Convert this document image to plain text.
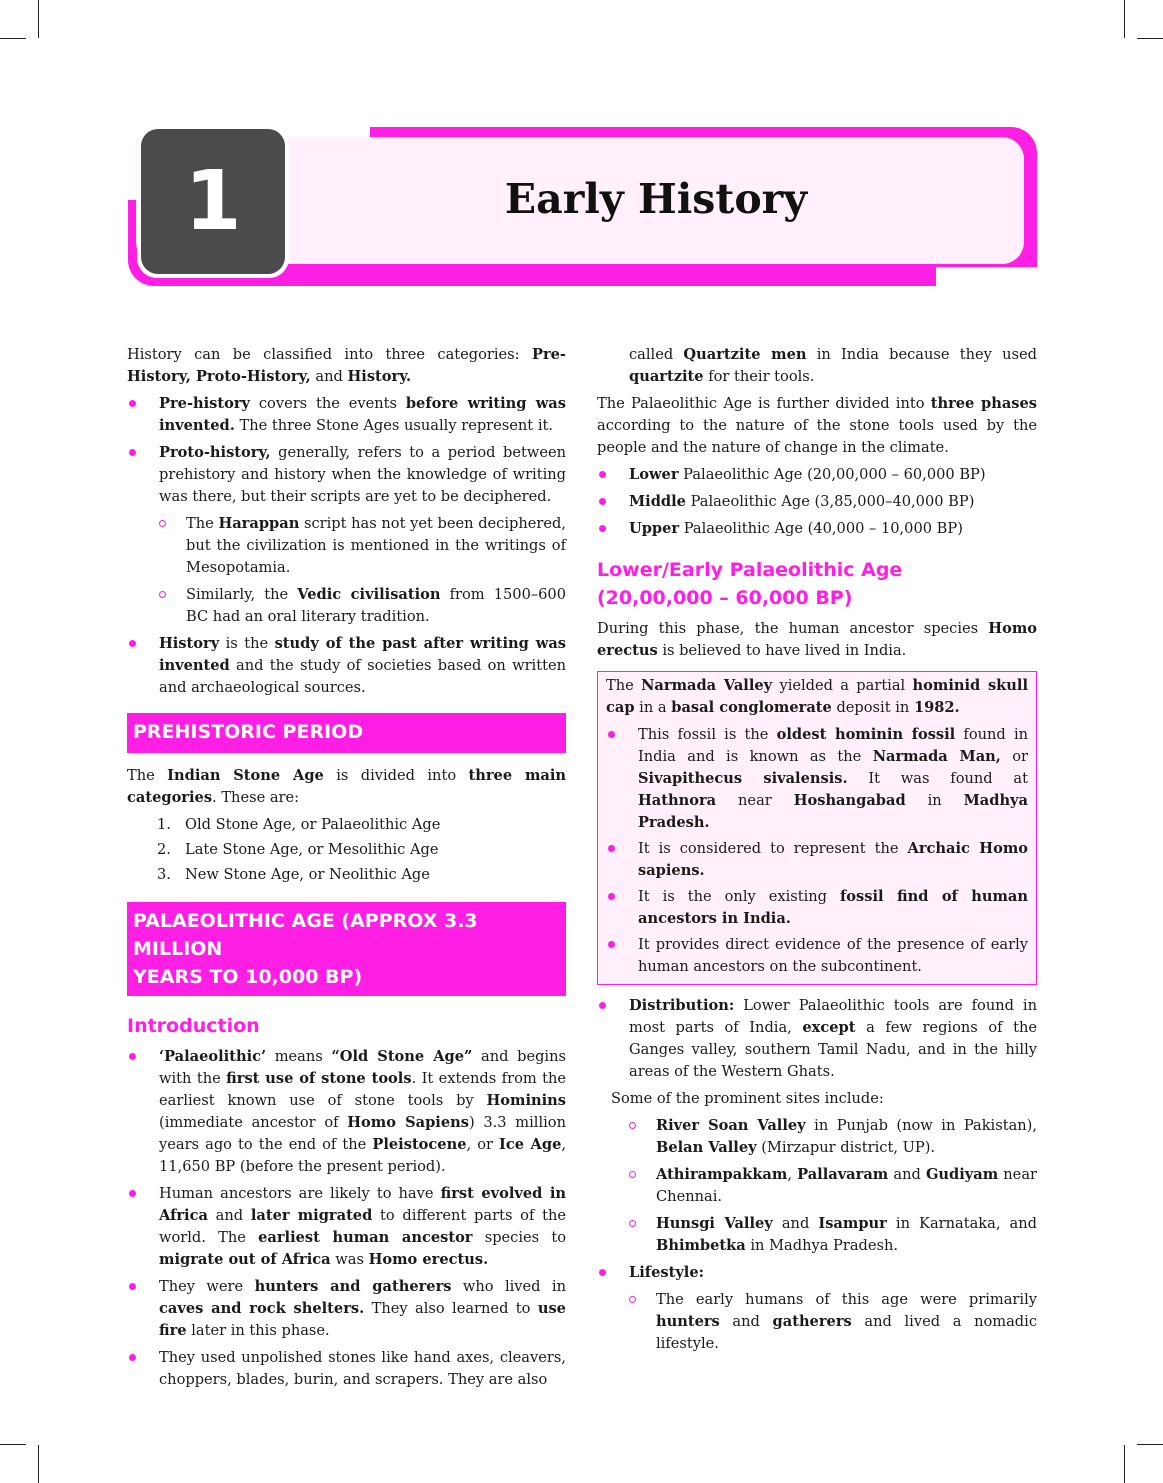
1	Early History

History can be classified into three categories: Pre-History, Proto-History, and History.

Pre-history covers the events before writing was invented. The three Stone Ages usually represent it.
Proto-history, generally, refers to a period between prehistory and history when the knowledge of writing was there, but their scripts are yet to be deciphered.
The Harappan script has not yet been deciphered, but the civilization is mentioned in the writings of Mesopotamia.
Similarly, the Vedic civilisation from 1500–600 BC had an oral literary tradition.
History is the study of the past after writing was invented and the study of societies based on written and archaeological sources.
PREHISTORIC PERIOD

The Indian Stone Age is divided into three main categories. These are:

1. Old Stone Age, or Palaeolithic Age
2. Late Stone Age, or Mesolithic Age
3. New Stone Age, or Neolithic Age
PALAEOLITHIC AGE (APPROX 3.3 MILLION
YEARS TO 10,000 BP)
Introduction
‘Palaeolithic’ means “Old Stone Age” and begins with the first use of stone tools. It extends from the earliest known use of stone tools by Hominins (immediate ancestor of Homo Sapiens) 3.3 million years ago to the end of the Pleistocene, or Ice Age, 11,650 BP (before the present period).
Human ancestors are likely to have first evolved in Africa and later migrated to different parts of the world. The earliest human ancestor species to migrate out of Africa was Homo erectus.
They were hunters and gatherers who lived in caves and rock shelters. They also learned to use fire later in this phase.
They used unpolished stones like hand axes, cleavers, choppers, blades, burin, and scrapers. They are also

called Quartzite men in India because they used quartzite for their tools.

The Palaeolithic Age is further divided into three phases according to the nature of the stone tools used by the people and the nature of change in the climate.

Lower Palaeolithic Age (20,00,000 – 60,000 BP)
Middle Palaeolithic Age (3,85,000–40,000 BP)
Upper Palaeolithic Age (40,000 – 10,000 BP)
Lower/Early Palaeolithic Age
(20,00,000 – 60,000 BP)

During this phase, the human ancestor species Homo erectus is believed to have lived in India.

The Narmada Valley yielded a partial hominid skull cap in a basal conglomerate deposit in 1982.

This fossil is the oldest hominin fossil found in India and is known as the Narmada Man, or Sivapithecus sivalensis. It was found at Hathnora near Hoshangabad in Madhya Pradesh.
It is considered to represent the Archaic Homo sapiens.
It is the only existing fossil find of human ancestors in India.
It provides direct evidence of the presence of early human ancestors on the subcontinent.
Distribution: Lower Palaeolithic tools are found in most parts of India, except a few regions of the Ganges valley, southern Tamil Nadu, and in the hilly areas of the Western Ghats.

Some of the prominent sites include:

River Soan Valley in Punjab (now in Pakistan), Belan Valley (Mirzapur district, UP).
Athirampakkam, Pallavaram and Gudiyam near Chennai.
Hunsgi Valley and Isampur in Karnataka, and Bhimbetka in Madhya Pradesh.
Lifestyle:
The early humans of this age were primarily hunters and gatherers and lived a nomadic lifestyle.
